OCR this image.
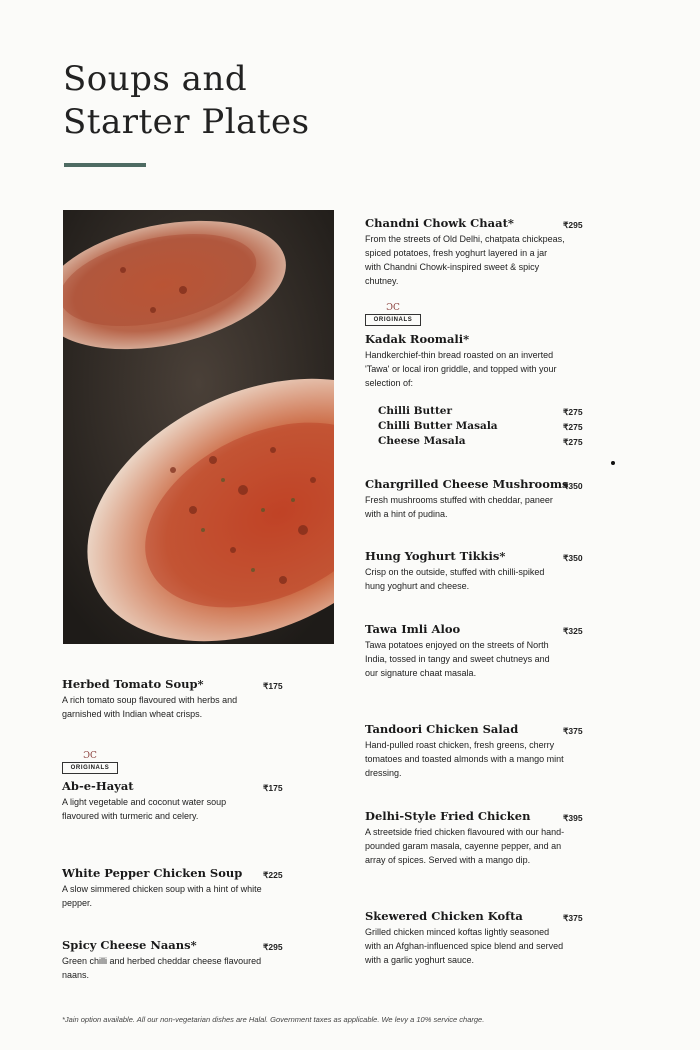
Soups and
Starter Plates
Herbed Tomato Soup*
A rich tomato soup flavoured with herbs and garnished with Indian wheat crisps.
₹175
ƆC
ORIGINALS
Ab-e-Hayat
A light vegetable and coconut water soup flavoured with turmeric and celery.
₹175
White Pepper Chicken Soup
A slow simmered chicken soup with a hint of white pepper.
₹225
Spicy Cheese Naans*
Green chilli and herbed cheddar cheese flavoured naans.
₹295
Chandni Chowk Chaat*
From the streets of Old Delhi, chatpata chickpeas, spiced potatoes, fresh yoghurt layered in a jar with Chandni Chowk-inspired sweet & spicy chutney.
₹295
ƆC
ORIGINALS
Kadak Roomali*
Handkerchief-thin bread roasted on an inverted 'Tawa' or local iron griddle, and topped with your selection of:
Chilli Butter	₹275
Chilli Butter Masala	₹275
Cheese Masala	₹275
Chargrilled Cheese Mushrooms
Fresh mushrooms stuffed with cheddar, paneer with a hint of pudina.
₹350
Hung Yoghurt Tikkis*
Crisp on the outside, stuffed with chilli-spiked hung yoghurt and cheese.
₹350
Tawa Imli Aloo
Tawa potatoes enjoyed on the streets of North India, tossed in tangy and sweet chutneys and our signature chaat masala.
₹325
Tandoori Chicken Salad
Hand-pulled roast chicken, fresh greens, cherry tomatoes and toasted almonds with a mango mint dressing.
₹375
Delhi-Style Fried Chicken
A streetside fried chicken flavoured with our hand-pounded garam masala, cayenne pepper, and an array of spices. Served with a mango dip.
₹395
Skewered Chicken Kofta
Grilled chicken minced koftas lightly seasoned with an Afghan-influenced spice blend and served with a garlic yoghurt sauce.
₹375
*Jain option available. All our non-vegetarian dishes are Halal. Government taxes as applicable. We levy a 10% service charge.
